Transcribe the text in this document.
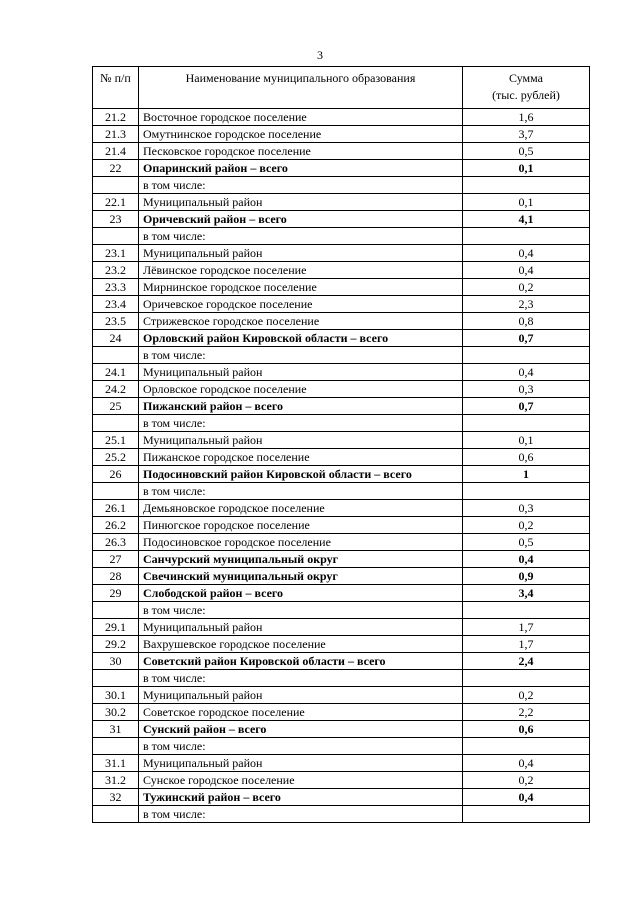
3
№ п/п	Наименование муниципального образования	Сумма
(тыс. рублей)

21.2	Восточное городское поселение	1,6
21.3	Омутнинское городское поселение	3,7
21.4	Песковское городское поселение	0,5
22	Опаринский район – всего	0,1
	в том числе:	
22.1	Муниципальный район	0,1
23	Оричевский район – всего	4,1
	в том числе:	
23.1	Муниципальный район	0,4
23.2	Лёвинское городское поселение	0,4
23.3	Мирнинское городское поселение	0,2
23.4	Оричевское городское поселение	2,3
23.5	Стрижевское городское поселение	0,8
24	Орловский район Кировской области – всего	0,7
	в том числе:	
24.1	Муниципальный район	0,4
24.2	Орловское городское поселение	0,3
25	Пижанский район – всего	0,7
	в том числе:	
25.1	Муниципальный район	0,1
25.2	Пижанское городское поселение	0,6
26	Подосиновский район Кировской области – всего	1
	в том числе:	
26.1	Демьяновское городское поселение	0,3
26.2	Пинюгское городское поселение	0,2
26.3	Подосиновское городское поселение	0,5
27	Санчурский муниципальный округ	0,4
28	Свечинский муниципальный округ	0,9
29	Слободской район – всего	3,4
	в том числе:	
29.1	Муниципальный район	1,7
29.2	Вахрушевское городское поселение	1,7
30	Советский район Кировской области – всего	2,4
	в том числе:	
30.1	Муниципальный район	0,2
30.2	Советское городское поселение	2,2
31	Сунский район – всего	0,6
	в том числе:	
31.1	Муниципальный район	0,4
31.2	Сунское городское поселение	0,2
32	Тужинский район – всего	0,4
	в том числе:	
